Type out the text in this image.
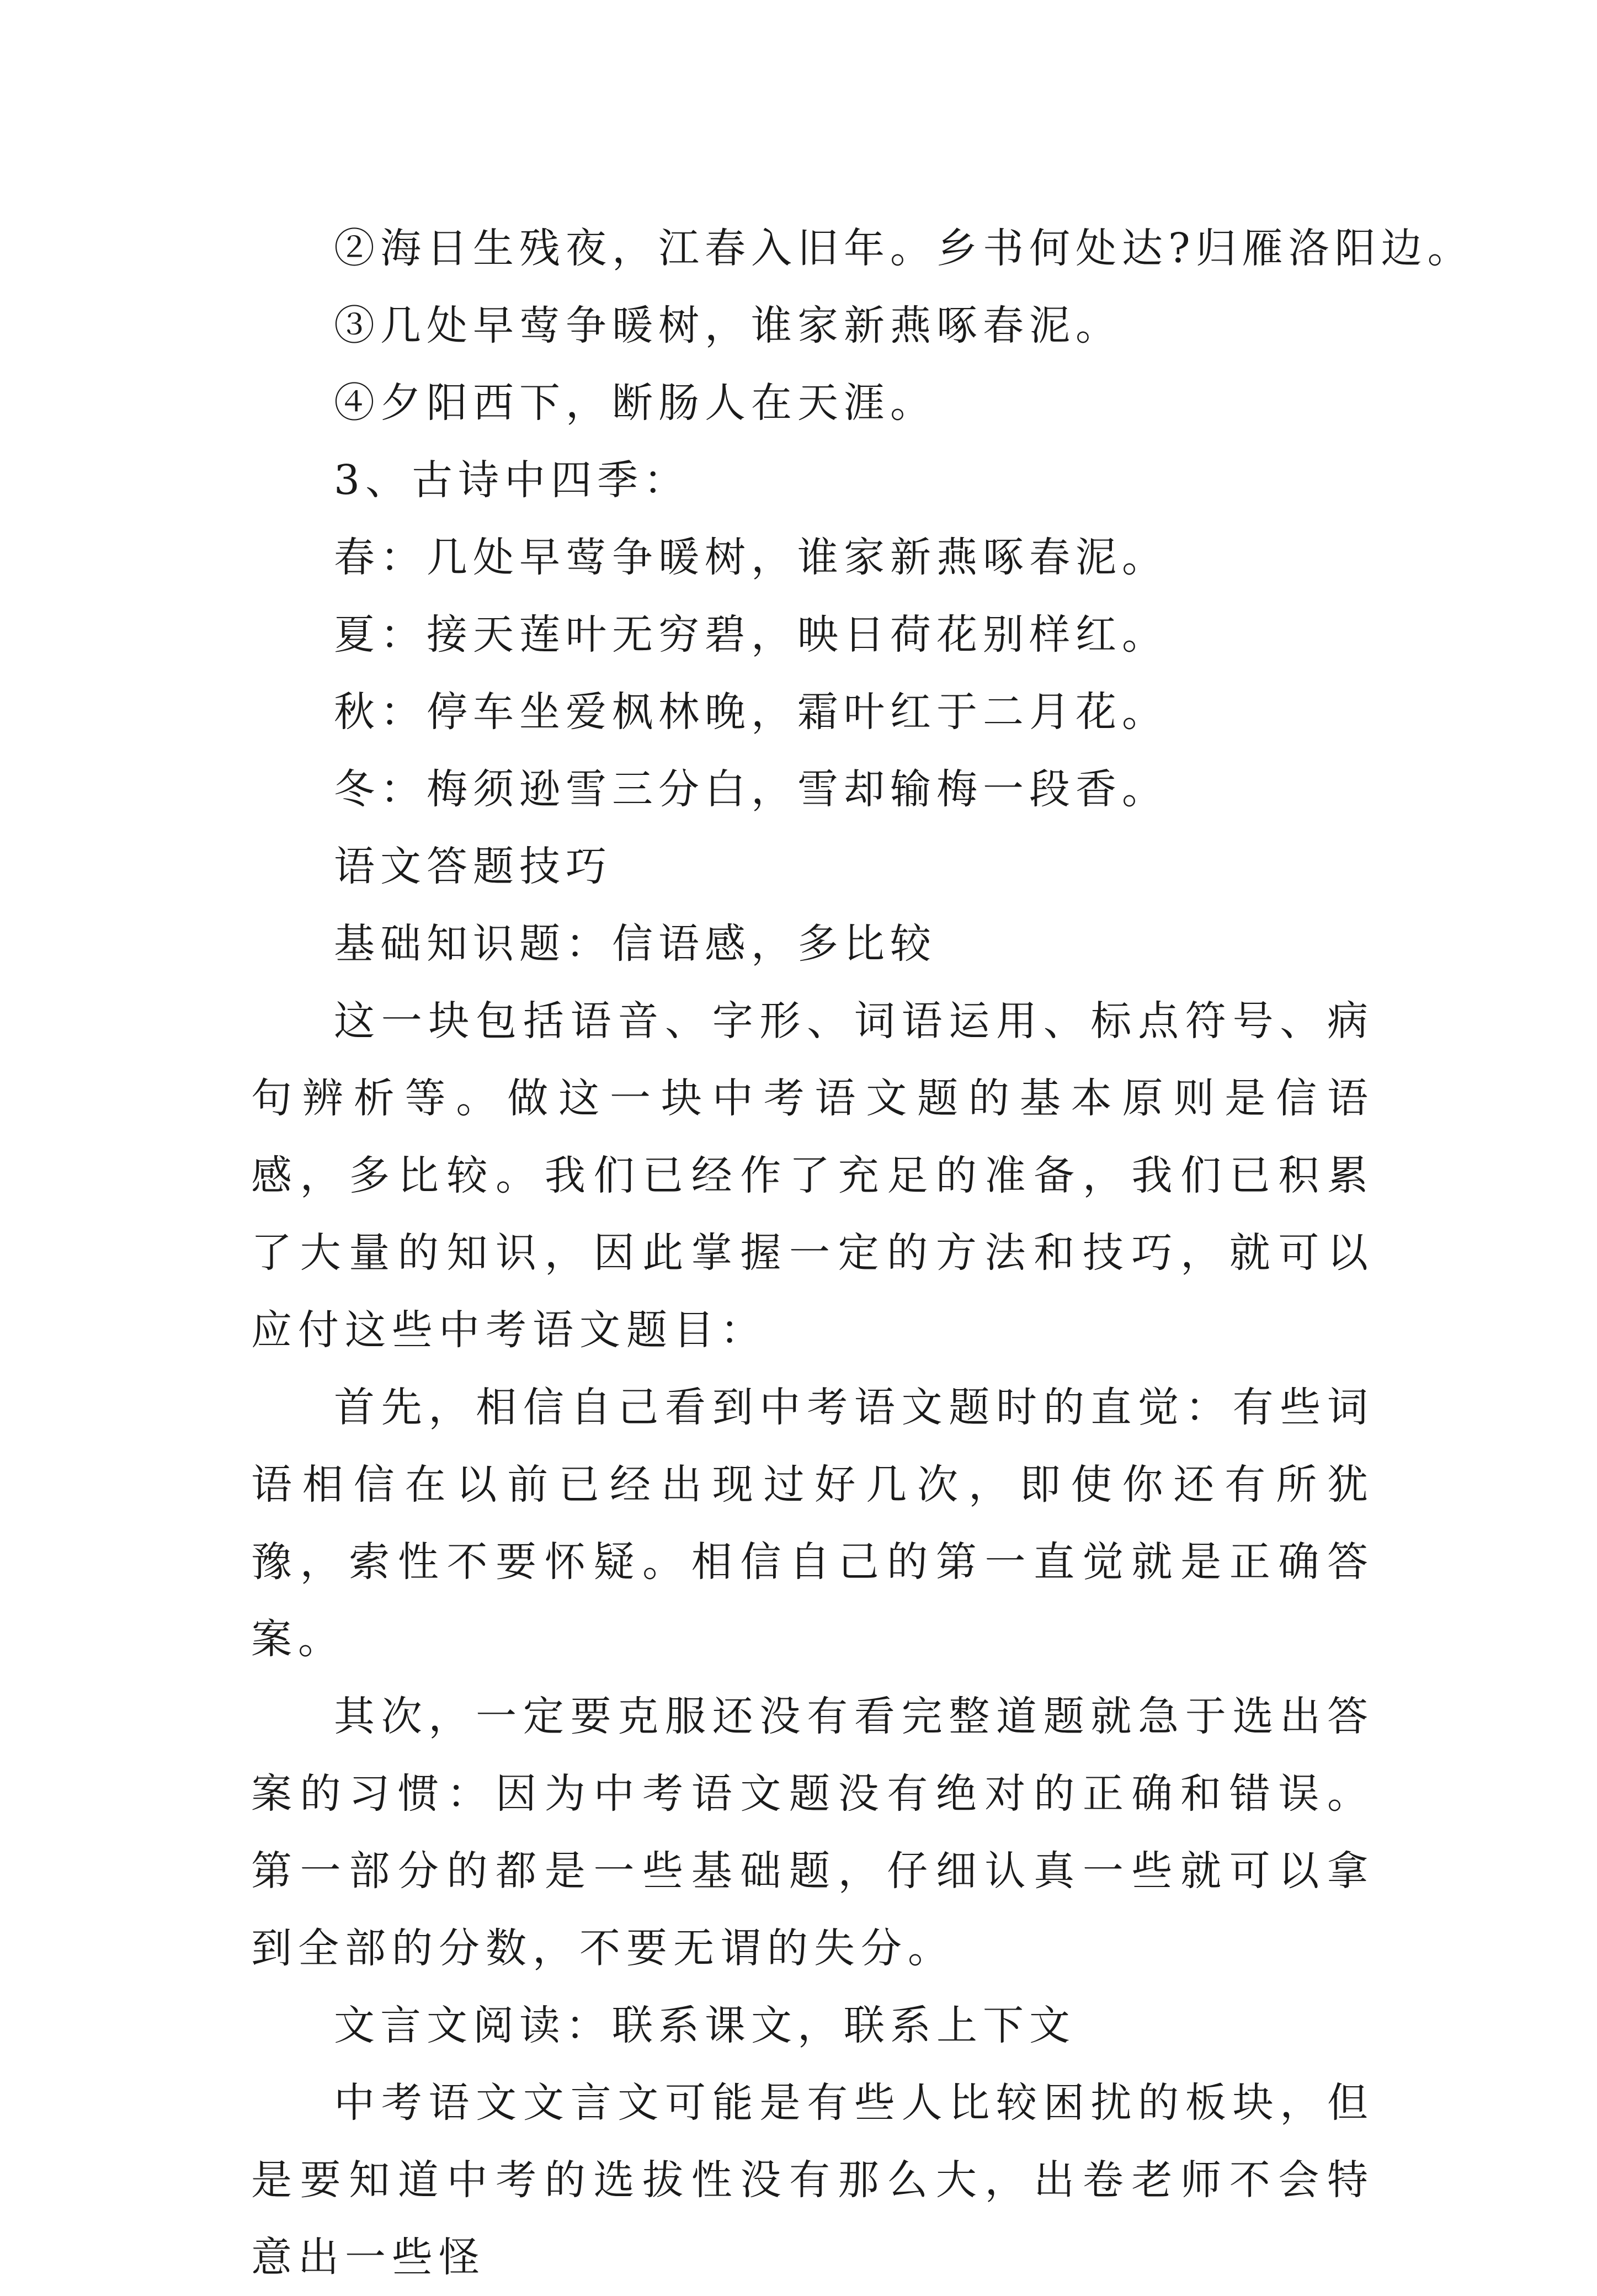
②海日生残夜，江春入旧年。乡书何处达?归雁洛阳边。
③几处早莺争暖树，谁家新燕啄春泥。
④夕阳西下，断肠人在天涯。
3、古诗中四季：
春：几处早莺争暖树，谁家新燕啄春泥。
夏：接天莲叶无穷碧，映日荷花别样红。
秋：停车坐爱枫林晚，霜叶红于二月花。
冬：梅须逊雪三分白，雪却输梅一段香。
语文答题技巧
基础知识题：信语感，多比较
这一块包括语音、字形、词语运用、标点符号、病句辨析等。做这一块中考语文题的基本原则是信语感，多比较。我们已经作了充足的准备，我们已积累了大量的知识，因此掌握一定的方法和技巧，就可以应付这些中考语文题目：
首先，相信自己看到中考语文题时的直觉：有些词语相信在以前已经出现过好几次，即使你还有所犹豫，索性不要怀疑。相信自己的第一直觉就是正确答案。
其次，一定要克服还没有看完整道题就急于选出答案的习惯：因为中考语文题没有绝对的正确和错误。第一部分的都是一些基础题，仔细认真一些就可以拿到全部的分数，不要无谓的失分。
文言文阅读：联系课文，联系上下文
中考语文文言文可能是有些人比较困扰的板块，但是要知道中考的选拔性没有那么大，出卷老师不会特意出一些怪
